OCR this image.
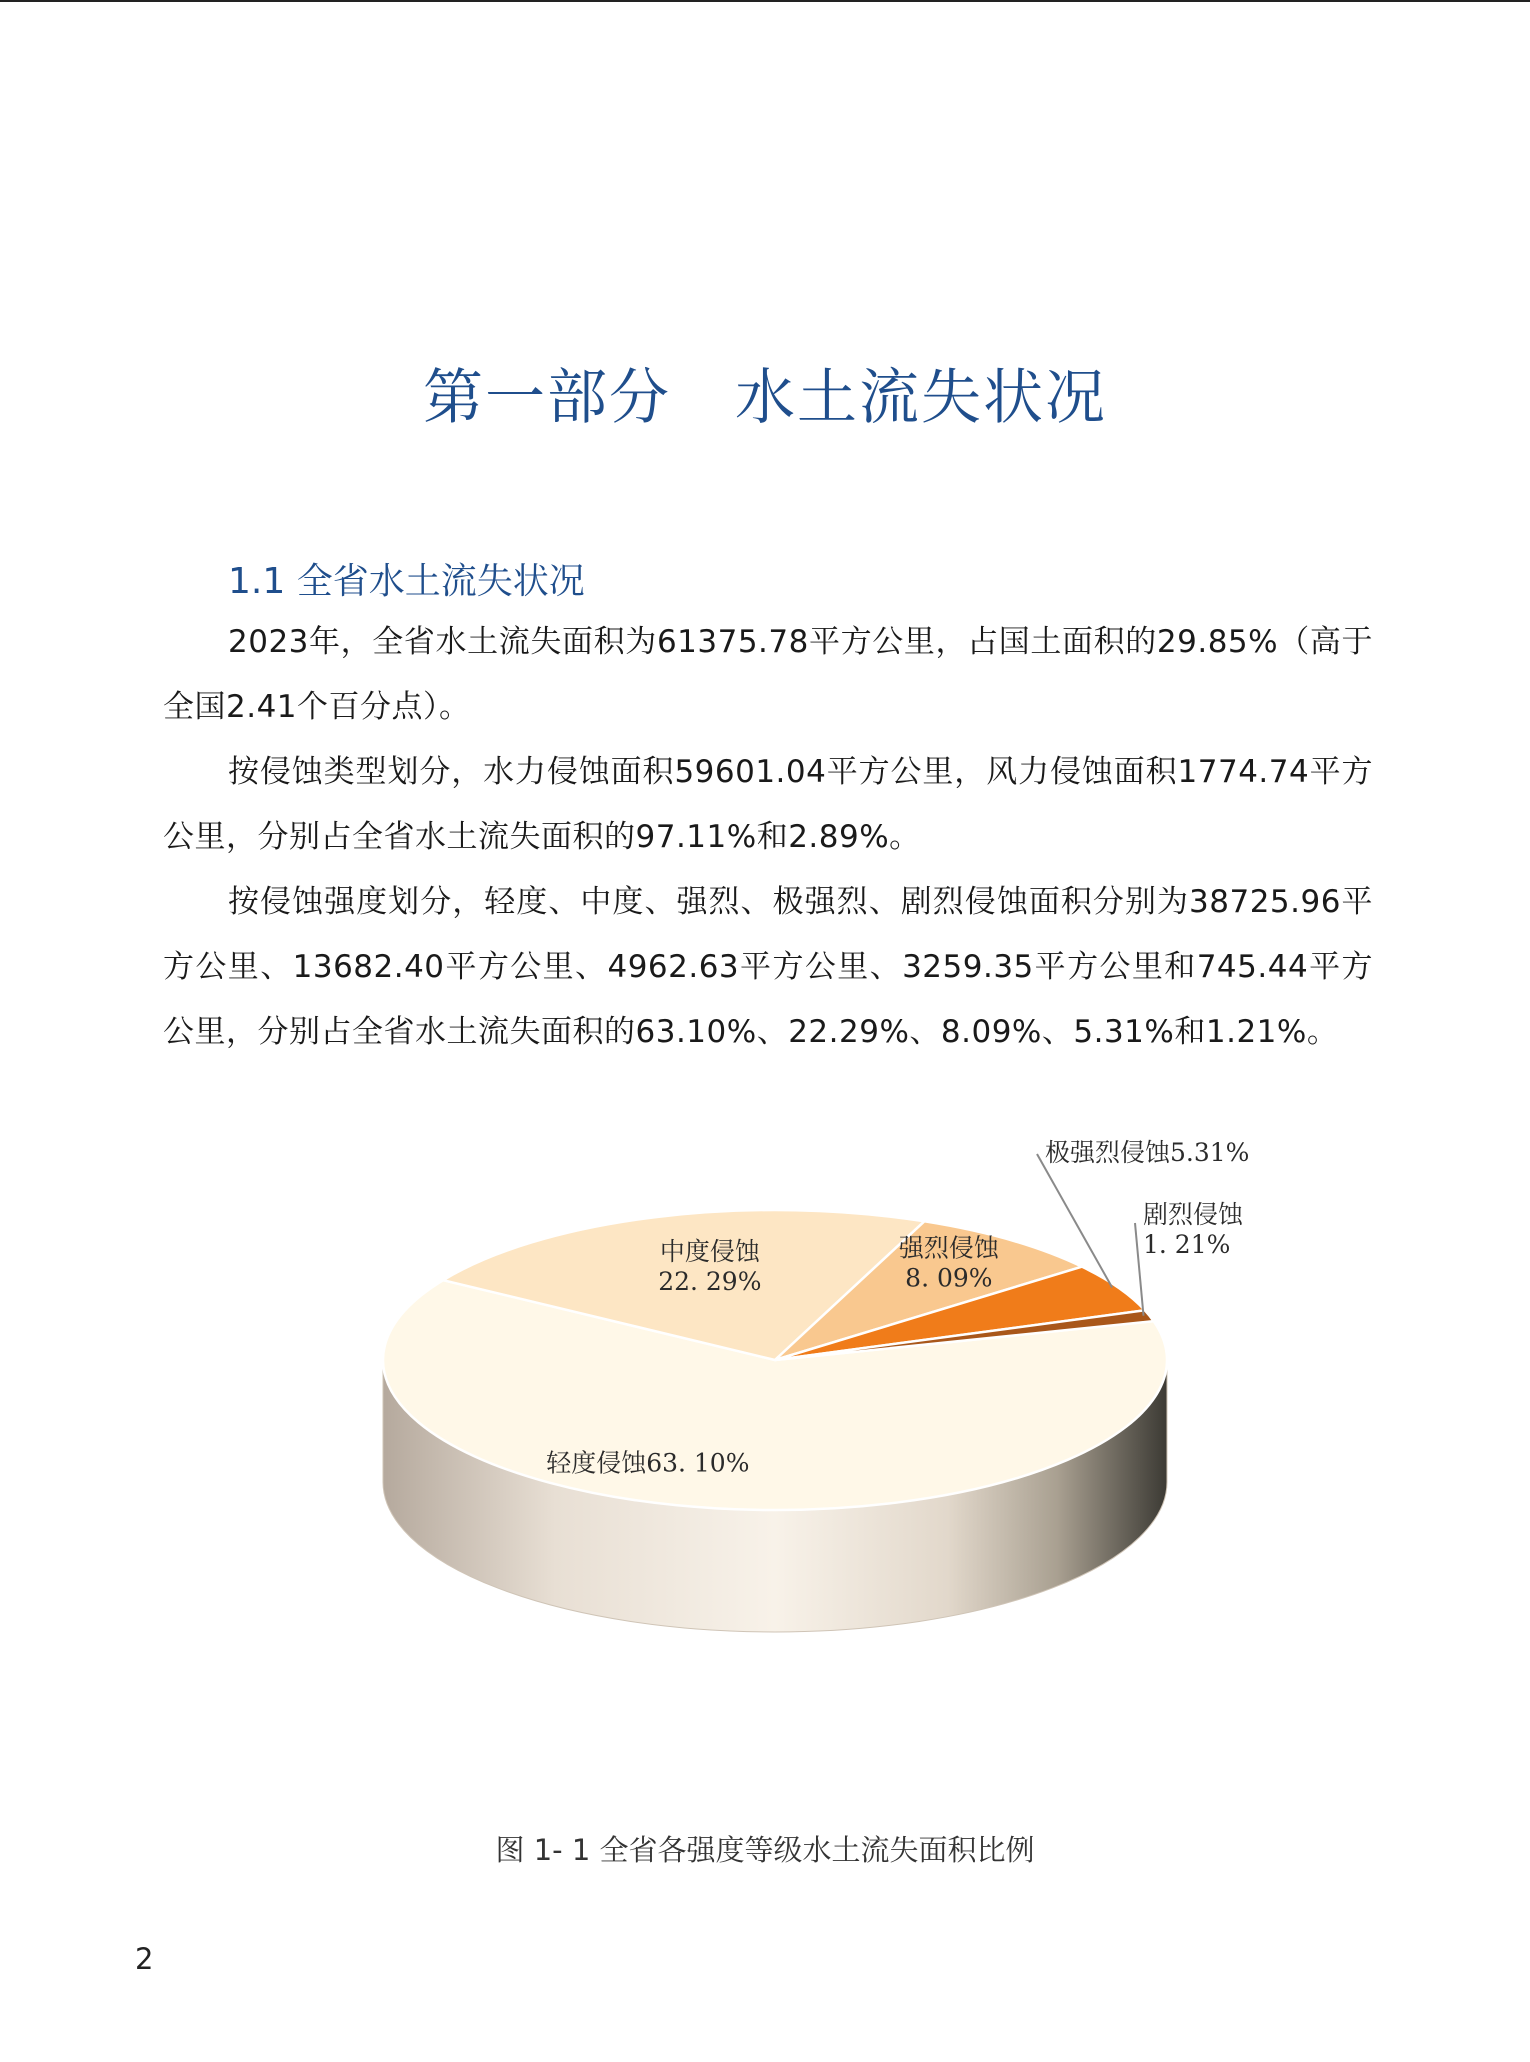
第一部分 水土流失状况
1.1 全省水土流失状况

2023年，全省水土流失面积为61375.78平方公里，占国土面积的29.85%（高于全国2.41个百分点）。

按侵蚀类型划分，水力侵蚀面积59601.04平方公里，风力侵蚀面积1774.74平方公里，分别占全省水土流失面积的97.11%和2.89%。

按侵蚀强度划分，轻度、中度、强烈、极强烈、剧烈侵蚀面积分别为38725.96平方公里、13682.40平方公里、4962.63平方公里、3259.35平方公里和745.44平方公里，分别占全省水土流失面积的63.10%、22.29%、8.09%、5.31%和1.21%。

轻度侵蚀63. 10%
中度侵蚀
22. 29%
强烈侵蚀
8. 09%
极强烈侵蚀5.31%
剧烈侵蚀
1. 21%
图 1- 1 全省各强度等级水土流失面积比例
2
